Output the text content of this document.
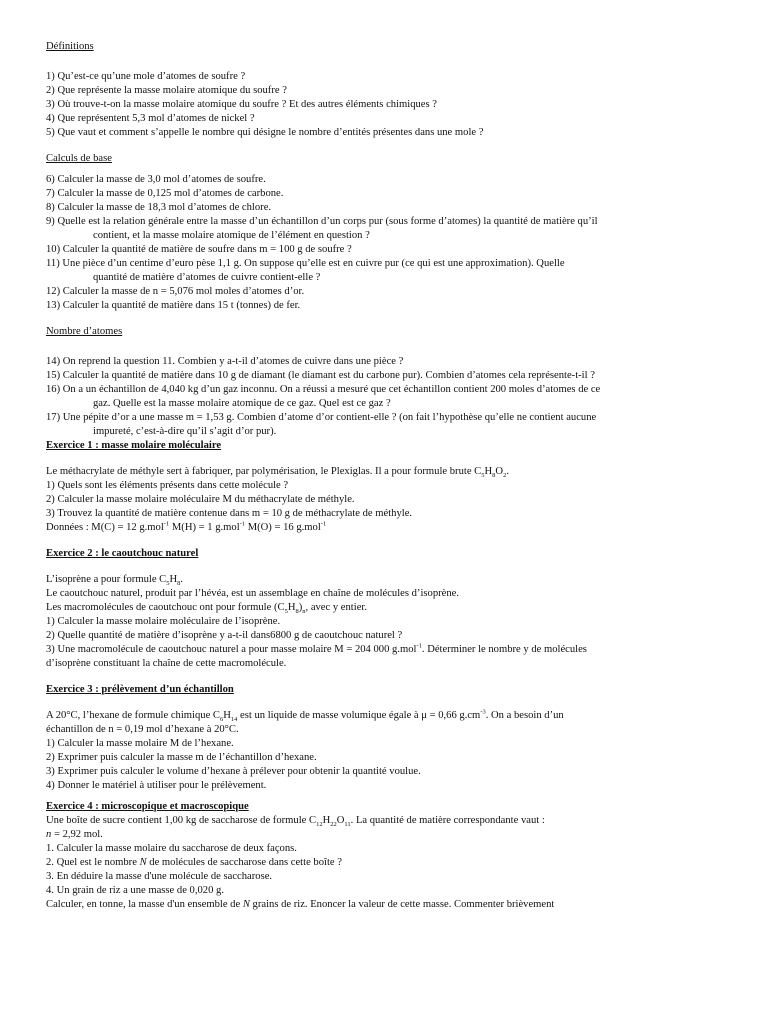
Définitions
1) Qu’est-ce qu’une mole d’atomes de soufre ?
2) Que représente la masse molaire atomique du soufre ?
3) Où trouve-t-on la masse molaire atomique du soufre ? Et des autres éléments chimiques ?
4) Que représentent 5,3 mol d’atomes de nickel ?
5) Que vaut et comment s’appelle le nombre qui désigne le nombre d’entités présentes dans une mole ?
Calculs de base
6) Calculer la masse de 3,0 mol d’atomes de soufre.
7) Calculer la masse de 0,125 mol d’atomes de carbone.
8) Calculer la masse de 18,3 mol d’atomes de chlore.
9) Quelle est la relation générale entre la masse d’un échantillon d’un corps pur (sous forme d’atomes) la quantité de matière qu’il
contient, et la masse molaire atomique de l’élément en question ?
10) Calculer la quantité de matière de soufre dans m = 100 g de soufre ?
11) Une pièce d’un centime d’euro pèse 1,1 g. On suppose qu’elle est en cuivre pur (ce qui est une approximation). Quelle
quantité de matière d’atomes de cuivre contient-elle ?
12) Calculer la masse de n = 5,076 mol moles d’atomes d’or.
13) Calculer la quantité de matière dans 15 t (tonnes) de fer.
Nombre d’atomes
14) On reprend la question 11. Combien y a-t-il d’atomes de cuivre dans une pièce ?
15) Calculer la quantité de matière dans 10 g de diamant (le diamant est du carbone pur). Combien d’atomes cela représente-t-il ?
16) On a un échantillon de 4,040 kg d’un gaz inconnu. On a réussi a mesuré que cet échantillon contient 200 moles d’atomes de ce
gaz. Quelle est la masse molaire atomique de ce gaz. Quel est ce gaz ?
17) Une pépite d’or a une masse m = 1,53 g. Combien d’atome d’or contient-elle ? (on fait l’hypothèse qu’elle ne contient aucune
impureté, c’est-à-dire qu’il s’agit d’or pur).
Exercice 1 : masse molaire moléculaire
Le méthacrylate de méthyle sert à fabriquer, par polymérisation, le Plexiglas. Il a pour formule brute $C_5H_8O_2$.
1) Quels sont les éléments présents dans cette molécule ?
2) Calculer la masse molaire moléculaire M du méthacrylate de méthyle.
3) Trouvez la quantité de matière contenue dans m = 10 g de méthacrylate de méthyle.
Données : M(C) = 12 g.mol$^{-1}$ M(H) = 1 g.mol$^{-1}$ M(O) = 16 g.mol$^{-1}$
Exercice 2 : le caoutchouc naturel
L’isoprène a pour formule $C_5H_8$.
Le caoutchouc naturel, produit par l’hévéa, est un assemblage en chaîne de molécules d’isoprène.
Les macromolécules de caoutchouc ont pour formule $(C_5H_8)_n$, avec y entier.
1) Calculer la masse molaire moléculaire de l’isoprène.
2) Quelle quantité de matière d’isoprène y a-t-il dans6800 g de caoutchouc naturel ?
3) Une macromolécule de caoutchouc naturel a pour masse molaire M = 204 000 g.mol$^{-1}$. Déterminer le nombre y de molécules
d’isoprène constituant la chaîne de cette macromolécule.
Exercice 3 : prélèvement d’un échantillon
A 20°C, l’hexane de formule chimique $C_6H_{14}$ est un liquide de masse volumique égale à μ = 0,66 $g.cm^{-3}$. On a besoin d’un
échantillon de n = 0,19 mol d’hexane à 20°C.
1) Calculer la masse molaire M de l’hexane.
2) Exprimer puis calculer la masse m de l’échantillon d’hexane.
3) Exprimer puis calculer le volume d’hexane à prélever pour obtenir la quantité voulue.
4) Donner le matériel à utiliser pour le prélèvement.
Exercice 4 : microscopique et macroscopique
Une boîte de sucre contient 1,00 kg de saccharose de formule $C_{12}H_{22}O_{11}$. La quantité de matière correspondante vaut :
n = 2,92 mol.
1. Calculer la masse molaire du saccharose de deux façons.
2. Quel est le nombre N de molécules de saccharose dans cette boîte ?
3. En déduire la masse d'une molécule de saccharose.
4. Un grain de riz a une masse de 0,020 g.
Calculer, en tonne, la masse d'un ensemble de N grains de riz. Enoncer la valeur de cette masse. Commenter brièvement
